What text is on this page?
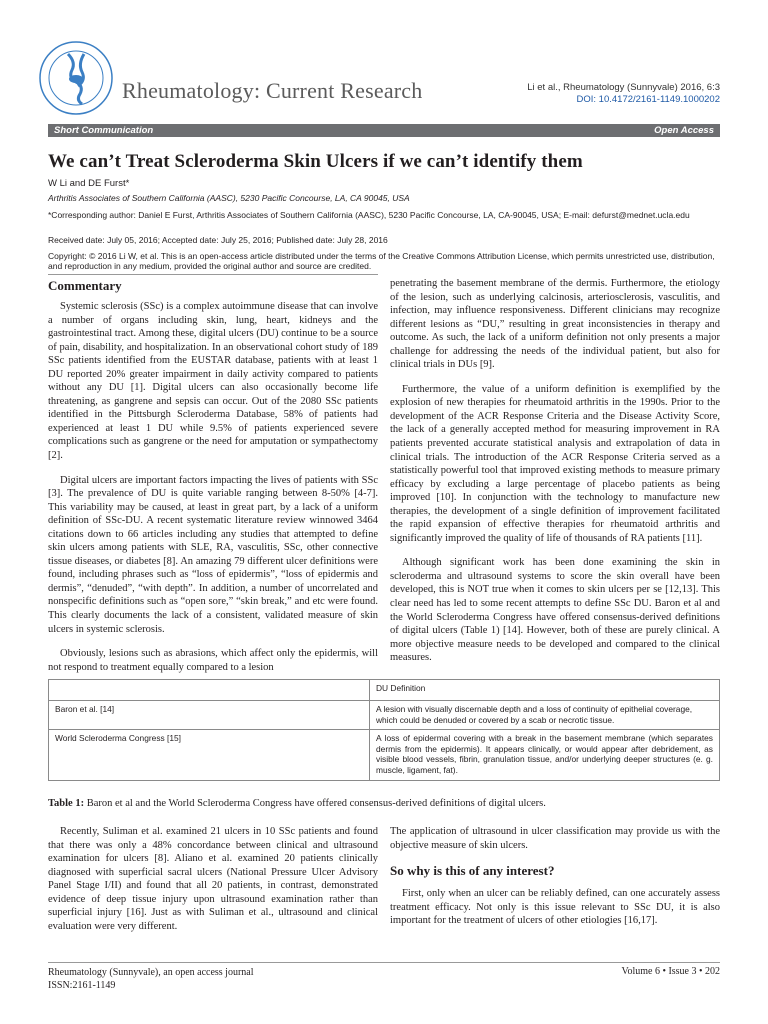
Rheumatology: Current Research	Li et al., Rheumatology (Sunnyvale) 2016, 6:3
DOI: 10.4172/2161-1149.1000202
Short Communication	Open Access
We can’t Treat Scleroderma Skin Ulcers if we can’t identify them
W Li and DE Furst*
Arthritis Associates of Southern California (AASC), 5230 Pacific Concourse, LA, CA 90045, USA
*Corresponding author: Daniel E Furst, Arthritis Associates of Southern California (AASC), 5230 Pacific Concourse, LA, CA-90045, USA; E-mail: defurst@mednet.ucla.edu
Received date: July 05, 2016; Accepted date: July 25, 2016; Published date: July 28, 2016
Copyright: © 2016 Li W, et al. This is an open-access article distributed under the terms of the Creative Commons Attribution License, which permits unrestricted use, distribution, and reproduction in any medium, provided the original author and source are credited.
Commentary

Systemic sclerosis (SSc) is a complex autoimmune disease that can involve a number of organs including skin, lung, heart, kidneys and the gastrointestinal tract. Among these, digital ulcers (DU) continue to be a source of pain, disability, and hospitalization. In an observational cohort study of 189 SSc patients identified from the EUSTAR database, patients with at least 1 DU reported 20% greater impairment in daily activity compared to patients without any DU [1]. Digital ulcers can also occasionally become life threatening, as gangrene and sepsis can occur. Out of the 2080 SSc patients identified in the Pittsburgh Scleroderma Database, 58% of patients had experienced at least 1 DU while 9.5% of patients experienced severe complications such as gangrene or the need for amputation or sympathectomy [2].

Digital ulcers are important factors impacting the lives of patients with SSc [3]. The prevalence of DU is quite variable ranging between 8-50% [4-7]. This variability may be caused, at least in great part, by a lack of a uniform definition of SSc-DU. A recent systematic literature review winnowed 3464 citations down to 66 articles including any studies that attempted to define skin ulcers among patients with SLE, RA, vasculitis, SSc, other connective tissue diseases, or diabetes [8]. An amazing 79 different ulcer definitions were found, including phrases such as “loss of epidermis”, “loss of epidermis and dermis”, “denuded”, “with depth”. In addition, a number of uncorrelated and nonspecific definitions such as “open sore,” “skin break,” and etc were found. This clearly documents the lack of a consistent, validated measure of skin ulcers in systemic sclerosis.

Obviously, lesions such as abrasions, which affect only the epidermis, will not respond to treatment equally compared to a lesion

penetrating the basement membrane of the dermis. Furthermore, the etiology of the lesion, such as underlying calcinosis, arteriosclerosis, vasculitis, and infection, may influence responsiveness. Different clinicians may recognize different lesions as “DU,” resulting in great inconsistencies in therapy and outcome. As such, the lack of a uniform definition not only presents a major challenge for addressing the needs of the individual patient, but also for clinical trials in DUs [9].

Furthermore, the value of a uniform definition is exemplified by the explosion of new therapies for rheumatoid arthritis in the 1990s. Prior to the development of the ACR Response Criteria and the Disease Activity Score, the lack of a generally accepted method for measuring improvement in RA patients prevented accurate statistical analysis and extrapolation of data in clinical trials. The introduction of the ACR Response Criteria served as a statistically powerful tool that improved existing methods to measure primary efficacy by excluding a large percentage of placebo patients as being improved [10]. In conjunction with the technology to manufacture new therapies, the development of a single definition of improvement facilitated the rapid expansion of effective therapies for rheumatoid arthritis and significantly improved the quality of life of thousands of RA patients [11].

Although significant work has been done examining the skin in scleroderma and ultrasound systems to score the skin overall have been developed, this is NOT true when it comes to skin ulcers per se [12,13]. This clear need has led to some recent attempts to define SSc DU. Baron et al and the World Scleroderma Congress have offered consensus-derived definitions of digital ulcers (Table 1) [14]. However, both of these are purely clinical. A more objective measure needs to be developed and compared to the clinical measures.

	DU Definition
Baron et al. [14]	A lesion with visually discernable depth and a loss of continuity of epithelial coverage, which could be denuded or covered by a scab or necrotic tissue.
World Scleroderma Congress [15]	A loss of epidermal covering with a break in the basement membrane (which separates dermis from the epidermis). It appears clinically, or would appear after debridement, as visible blood vessels, fibrin, granulation tissue, and/or underlying deeper structures (e. g. muscle, ligament, fat).
Table 1: Baron et al and the World Scleroderma Congress have offered consensus-derived definitions of digital ulcers.

Recently, Suliman et al. examined 21 ulcers in 10 SSc patients and found that there was only a 48% concordance between clinical and ultrasound examination for ulcers [8]. Aliano et al. examined 20 patients clinically diagnosed with superficial sacral ulcers (National Pressure Ulcer Advisory Panel Stage I/II) and found that all 20 patients, in contrast, demonstrated evidence of deep tissue injury upon ultrasound examination rather than superficial injury [16]. Just as with Suliman et al., ultrasound and clinical evaluation were very different.

The application of ultrasound in ulcer classification may provide us with the objective measure of skin ulcers.

So why is this of any interest?

First, only when an ulcer can be reliably defined, can one accurately assess treatment efficacy. Not only is this issue relevant to SSc DU, it is also important for the treatment of ulcers of other etiologies [16,17].

Rheumatology (Sunnyvale), an open access journal
ISSN:2161-1149
Volume 6 • Issue 3 • 202
